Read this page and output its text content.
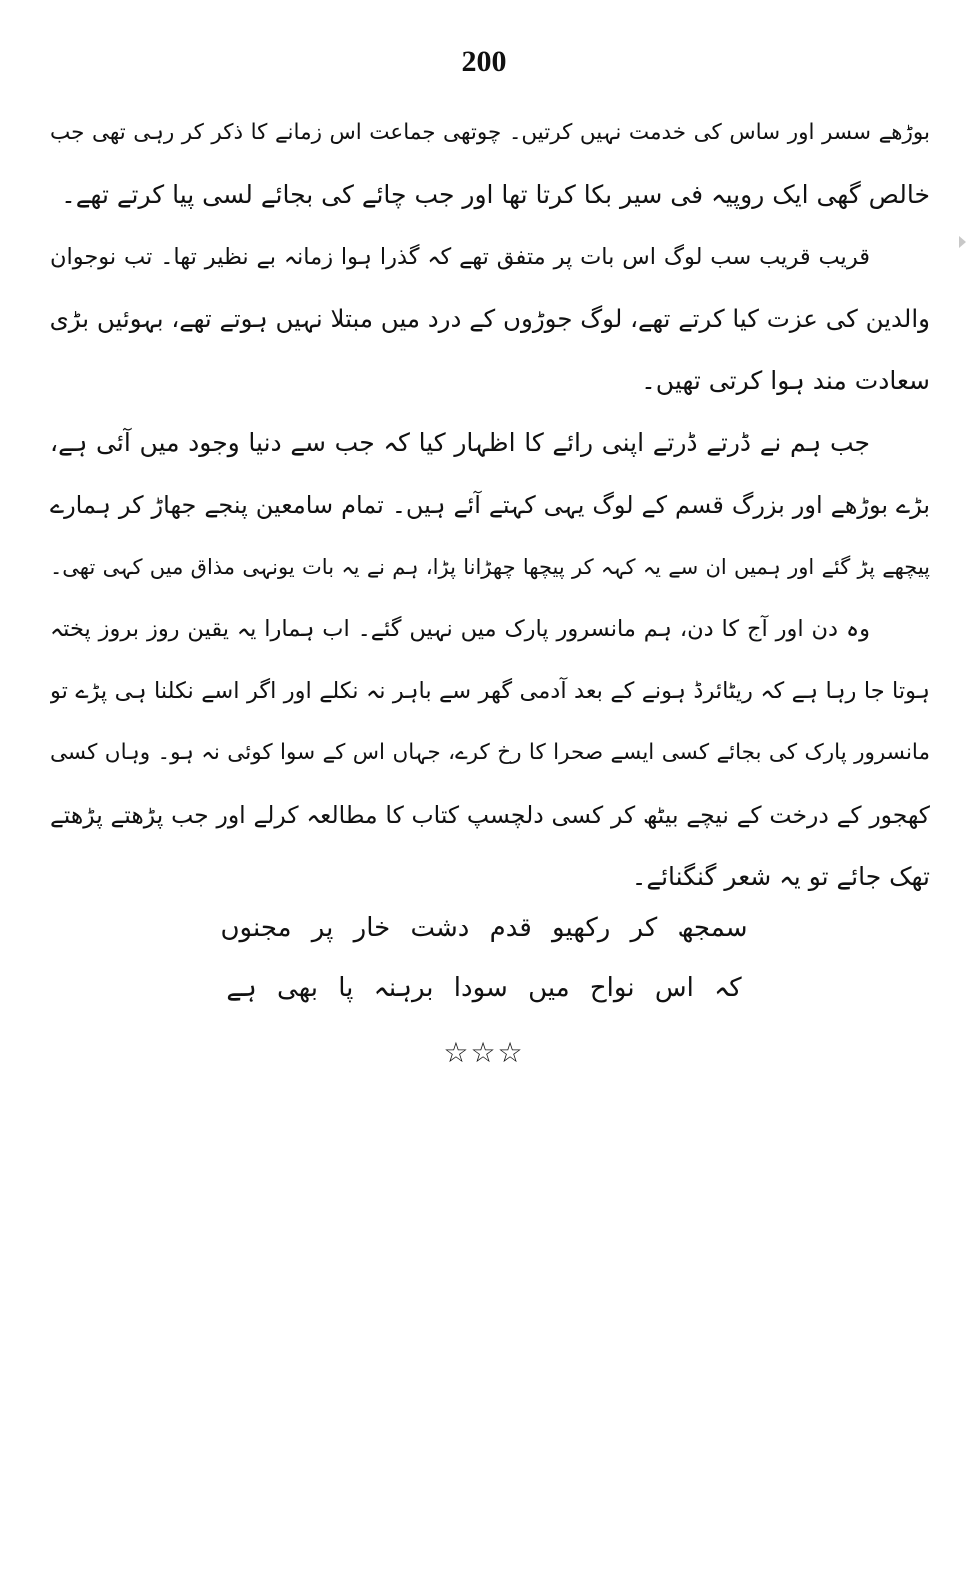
200
بوڑھے سسر اور ساس کی خدمت نہیں کرتیں۔ چوتھی جماعت اس زمانے کا ذکر کر رہی تھی جب
خالص گھی ایک روپیہ فی سیر بکا کرتا تھا اور جب چائے کی بجائے لسی پیا کرتے تھے۔
قریب قریب سب لوگ اس بات پر متفق تھے کہ گذرا ہوا زمانہ بے نظیر تھا۔ تب نوجوان
والدین کی عزت کیا کرتے تھے، لوگ جوڑوں کے درد میں مبتلا نہیں ہوتے تھے، بہوئیں بڑی
سعادت مند ہوا کرتی تھیں۔
جب ہم نے ڈرتے ڈرتے اپنی رائے کا اظہار کیا کہ جب سے دنیا وجود میں آئی ہے،
بڑے بوڑھے اور بزرگ قسم کے لوگ یہی کہتے آئے ہیں۔ تمام سامعین پنجے جھاڑ کر ہمارے
پیچھے پڑ گئے اور ہمیں ان سے یہ کہہ کر پیچھا چھڑانا پڑا، ہم نے یہ بات یونہی مذاق میں کہی تھی۔
وہ دن اور آج کا دن، ہم مانسرور پارک میں نہیں گئے۔ اب ہمارا یہ یقین روز بروز پختہ
ہوتا جا رہا ہے کہ ریٹائرڈ ہونے کے بعد آدمی گھر سے باہر نہ نکلے اور اگر اسے نکلنا ہی پڑے تو
مانسرور پارک کی بجائے کسی ایسے صحرا کا رخ کرے، جہاں اس کے سوا کوئی نہ ہو۔ وہاں کسی
کھجور کے درخت کے نیچے بیٹھ کر کسی دلچسپ کتاب کا مطالعہ کرلے اور جب پڑھتے پڑھتے
تھک جائے تو یہ شعر گنگنائے۔
سمجھ کر رکھیو قدم دشت خار پر مجنوں
کہ اس نواح میں سودا برہنہ پا بھی ہے
☆☆☆
